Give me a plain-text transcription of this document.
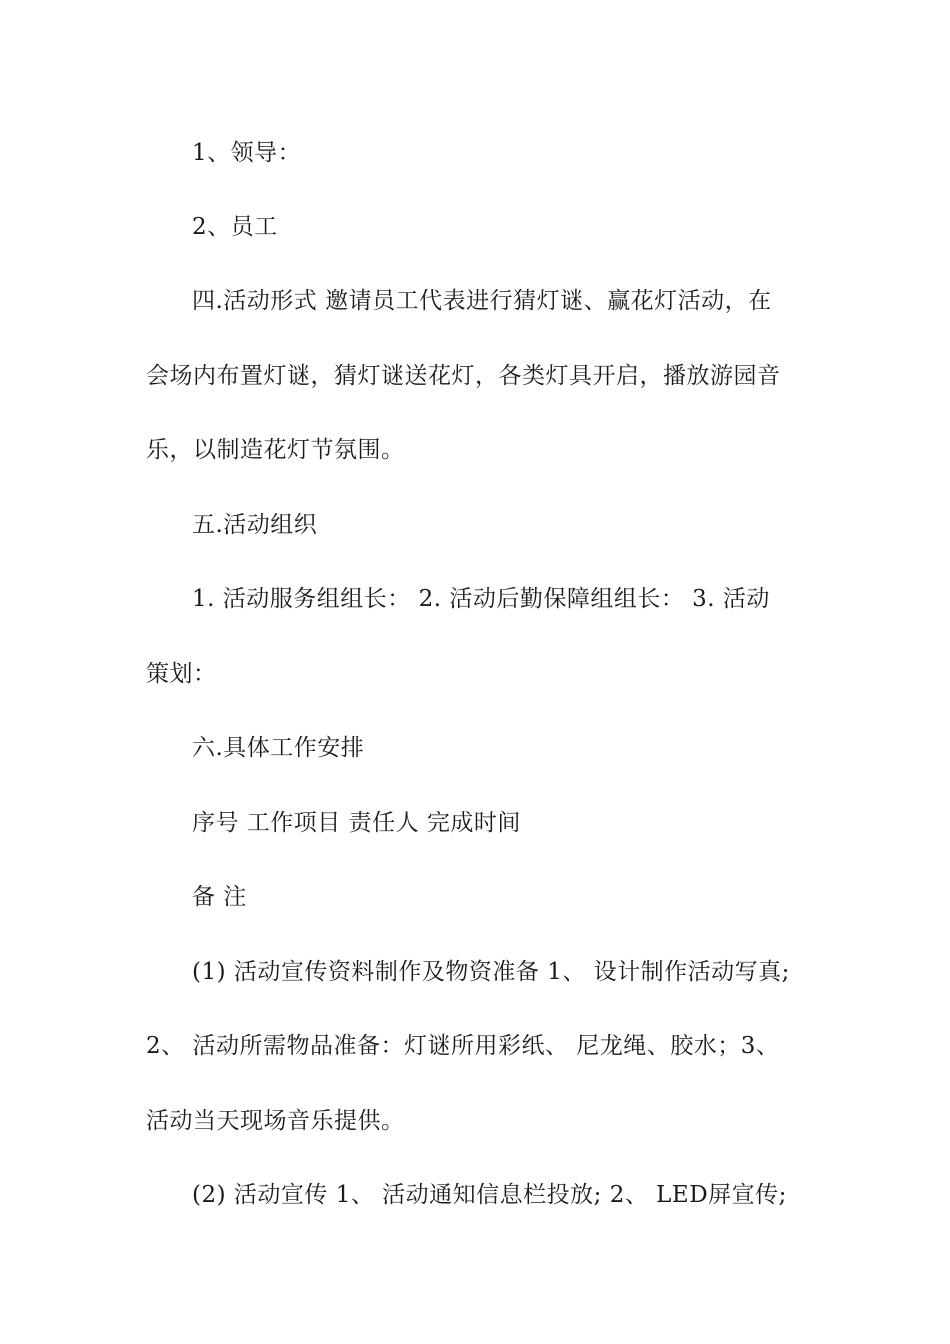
1、领导：
2、员工
四.活动形式 邀请员工代表进行猜灯谜、赢花灯活动，在
会场内布置灯谜，猜灯谜送花灯，各类灯具开启，播放游园音
乐，以制造花灯节氛围。
五.活动组织
1. 活动服务组组长： 2. 活动后勤保障组组长： 3. 活动
策划：
六.具体工作安排
序号 工作项目 责任人 完成时间
备 注
(1) 活动宣传资料制作及物资准备 1、 设计制作活动写真;
2、 活动所需物品准备：灯谜所用彩纸、 尼龙绳、胶水；3、
活动当天现场音乐提供。
(2) 活动宣传 1、 活动通知信息栏投放; 2、 LED屏宣传;
